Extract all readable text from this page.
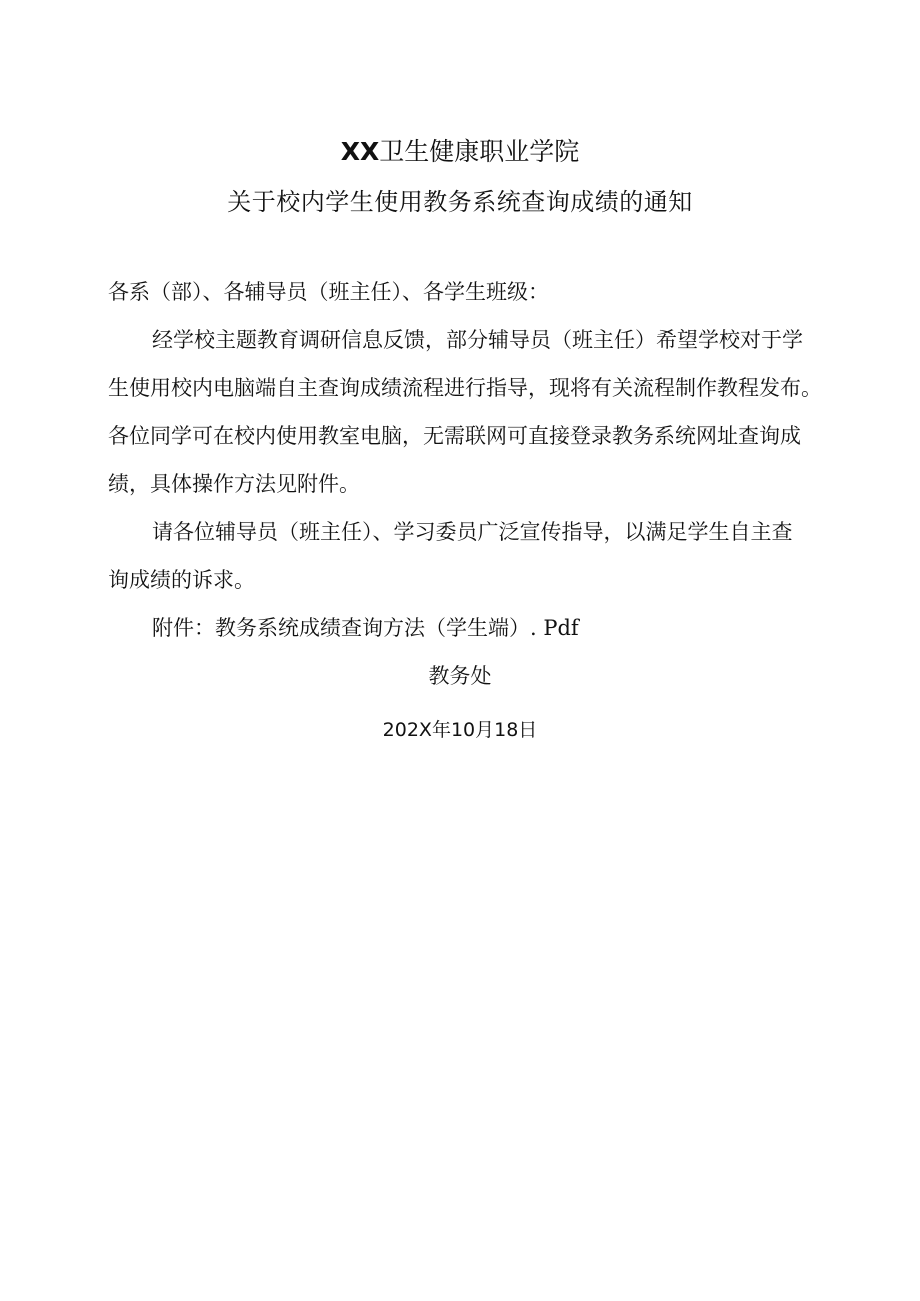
XX卫生健康职业学院
关于校内学生使用教务系统查询成绩的通知
各系（部）、各辅导员（班主任）、各学生班级：
经学校主题教育调研信息反馈，部分辅导员（班主任）希望学校对于学
生使用校内电脑端自主查询成绩流程进行指导，现将有关流程制作教程发布。
各位同学可在校内使用教室电脑，无需联网可直接登录教务系统网址查询成
绩，具体操作方法见附件。
请各位辅导员（班主任）、学习委员广泛宣传指导，以满足学生自主查
询成绩的诉求。
附件：教务系统成绩查询方法（学生端）. Pdf
教务处
202X年10月18日
